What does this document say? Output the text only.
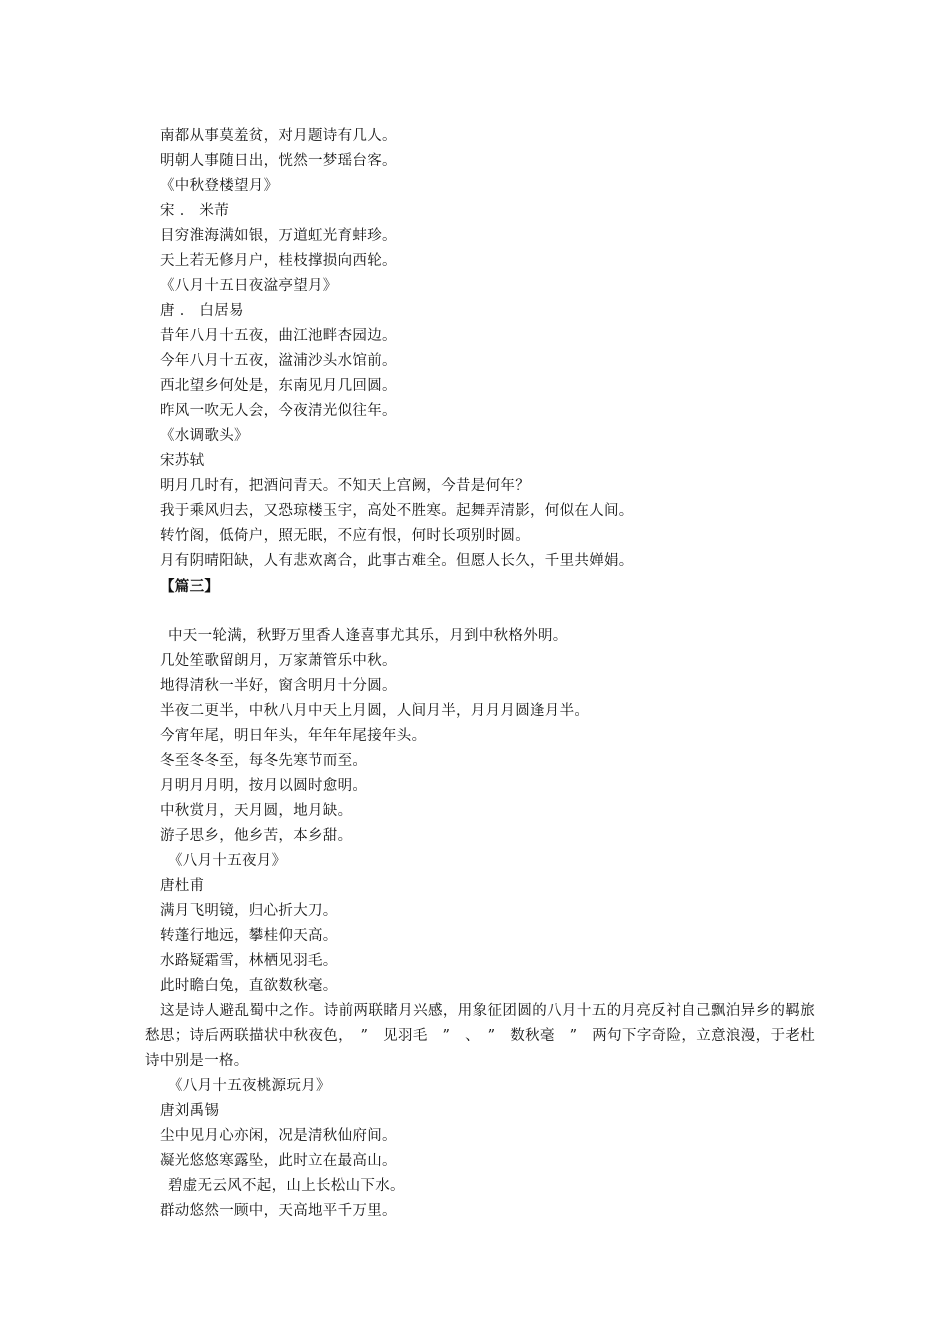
南都从事莫羞贫，对月题诗有几人。
明朝人事随日出，恍然一梦瑶台客。
《中秋登楼望月》
宋 ． 米芾
目穷淮海满如银，万道虹光育蚌珍。
天上若无修月户，桂枝撑损向西轮。
《八月十五日夜湓亭望月》
唐 ． 白居易
昔年八月十五夜，曲江池畔杏园边。
今年八月十五夜，湓浦沙头水馆前。
西北望乡何处是，东南见月几回圆。
昨风一吹无人会，今夜清光似往年。
《水调歌头》
宋苏轼
明月几时有，把酒问青天。不知天上宫阙，今昔是何年？
我于乘风归去，又恐琼楼玉宇，高处不胜寒。起舞弄清影，何似在人间。
转竹阁，低倚户，照无眠，不应有恨，何时长项别时圆。
月有阴晴阳缺，人有悲欢离合，此事古难全。但愿人长久，千里共婵娟。
【篇三】
中天一轮满，秋野万里香人逢喜事尤其乐，月到中秋格外明。
几处笙歌留朗月，万家萧管乐中秋。
地得清秋一半好，窗含明月十分圆。
半夜二更半，中秋八月中天上月圆，人间月半，月月月圆逢月半。
今宵年尾，明日年头，年年年尾接年头。
冬至冬冬至，每冬先寒节而至。
月明月月明，按月以圆时愈明。
中秋赏月，天月圆，地月缺。
游子思乡，他乡苦，本乡甜。
《八月十五夜月》
唐杜甫
满月飞明镜，归心折大刀。
转蓬行地远，攀桂仰天高。
水路疑霜雪，林栖见羽毛。
此时瞻白兔，直欲数秋毫。
这是诗人避乱蜀中之作。诗前两联睹月兴感，用象征团圆的八月十五的月亮反衬自己飘泊异乡的羁旅愁思；诗后两联描状中秋夜色，　”　见羽毛　”　、　”　数秋毫　”　两句下字奇险，立意浪漫，于老杜诗中别是一格。
《八月十五夜桃源玩月》
唐刘禹锡
尘中见月心亦闲，况是清秋仙府间。
凝光悠悠寒露坠，此时立在最高山。
碧虚无云风不起，山上长松山下水。
群动悠然一顾中，天高地平千万里。
